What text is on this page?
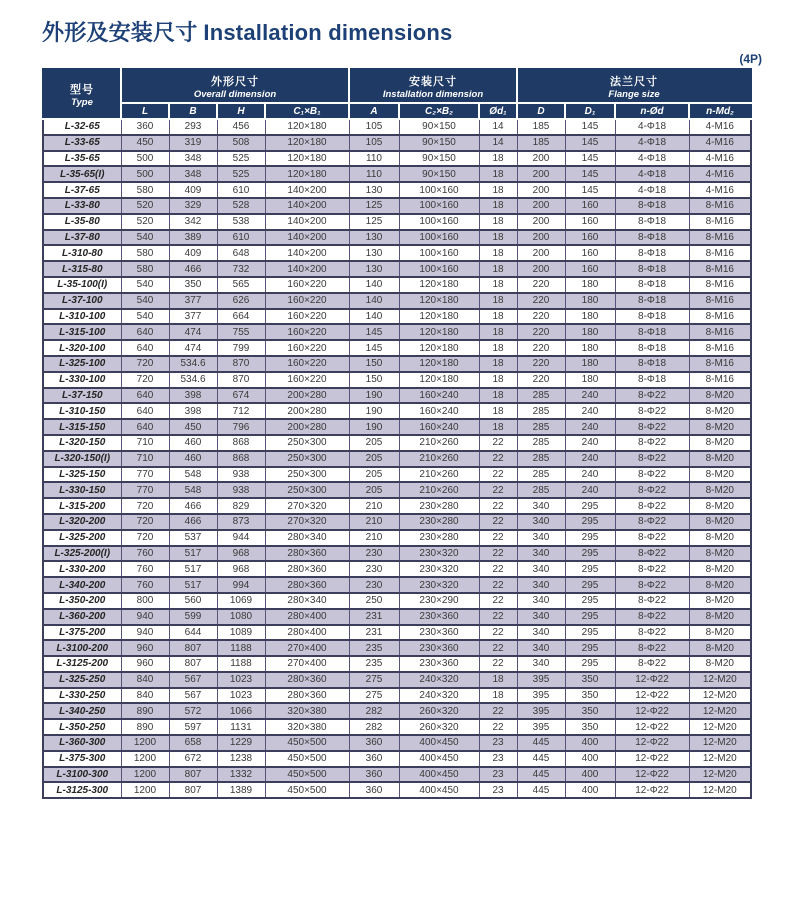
外形及安装尺寸 Installation dimensions
(4P)
型号
Type	外形尺寸
Overall dimension				安装尺寸
Installation dimension			法兰尺寸
Flange size			

	L	B	H	C₁×B₁	A	C₂×B₂	Ød₁	D	D₁	n-Ød	n-Md₂
L-32-65	360	293	456	120×180	105	90×150	14	185	145	4-Φ18	4-M16
L-33-65	450	319	508	120×180	105	90×150	14	185	145	4-Φ18	4-M16
L-35-65	500	348	525	120×180	110	90×150	18	200	145	4-Φ18	4-M16
L-35-65(I)	500	348	525	120×180	110	90×150	18	200	145	4-Φ18	4-M16
L-37-65	580	409	610	140×200	130	100×160	18	200	145	4-Φ18	4-M16
L-33-80	520	329	528	140×200	125	100×160	18	200	160	8-Φ18	8-M16
L-35-80	520	342	538	140×200	125	100×160	18	200	160	8-Φ18	8-M16
L-37-80	540	389	610	140×200	130	100×160	18	200	160	8-Φ18	8-M16
L-310-80	580	409	648	140×200	130	100×160	18	200	160	8-Φ18	8-M16
L-315-80	580	466	732	140×200	130	100×160	18	200	160	8-Φ18	8-M16
L-35-100(I)	540	350	565	160×220	140	120×180	18	220	180	8-Φ18	8-M16
L-37-100	540	377	626	160×220	140	120×180	18	220	180	8-Φ18	8-M16
L-310-100	540	377	664	160×220	140	120×180	18	220	180	8-Φ18	8-M16
L-315-100	640	474	755	160×220	145	120×180	18	220	180	8-Φ18	8-M16
L-320-100	640	474	799	160×220	145	120×180	18	220	180	8-Φ18	8-M16
L-325-100	720	534.6	870	160×220	150	120×180	18	220	180	8-Φ18	8-M16
L-330-100	720	534.6	870	160×220	150	120×180	18	220	180	8-Φ18	8-M16
L-37-150	640	398	674	200×280	190	160×240	18	285	240	8-Φ22	8-M20
L-310-150	640	398	712	200×280	190	160×240	18	285	240	8-Φ22	8-M20
L-315-150	640	450	796	200×280	190	160×240	18	285	240	8-Φ22	8-M20
L-320-150	710	460	868	250×300	205	210×260	22	285	240	8-Φ22	8-M20
L-320-150(I)	710	460	868	250×300	205	210×260	22	285	240	8-Φ22	8-M20
L-325-150	770	548	938	250×300	205	210×260	22	285	240	8-Φ22	8-M20
L-330-150	770	548	938	250×300	205	210×260	22	285	240	8-Φ22	8-M20
L-315-200	720	466	829	270×320	210	230×280	22	340	295	8-Φ22	8-M20
L-320-200	720	466	873	270×320	210	230×280	22	340	295	8-Φ22	8-M20
L-325-200	720	537	944	280×340	210	230×280	22	340	295	8-Φ22	8-M20
L-325-200(I)	760	517	968	280×360	230	230×320	22	340	295	8-Φ22	8-M20
L-330-200	760	517	968	280×360	230	230×320	22	340	295	8-Φ22	8-M20
L-340-200	760	517	994	280×360	230	230×320	22	340	295	8-Φ22	8-M20
L-350-200	800	560	1069	280×340	250	230×290	22	340	295	8-Φ22	8-M20
L-360-200	940	599	1080	280×400	231	230×360	22	340	295	8-Φ22	8-M20
L-375-200	940	644	1089	280×400	231	230×360	22	340	295	8-Φ22	8-M20
L-3100-200	960	807	1188	270×400	235	230×360	22	340	295	8-Φ22	8-M20
L-3125-200	960	807	1188	270×400	235	230×360	22	340	295	8-Φ22	8-M20
L-325-250	840	567	1023	280×360	275	240×320	18	395	350	12-Φ22	12-M20
L-330-250	840	567	1023	280×360	275	240×320	18	395	350	12-Φ22	12-M20
L-340-250	890	572	1066	320×380	282	260×320	22	395	350	12-Φ22	12-M20
L-350-250	890	597	1131	320×380	282	260×320	22	395	350	12-Φ22	12-M20
L-360-300	1200	658	1229	450×500	360	400×450	23	445	400	12-Φ22	12-M20
L-375-300	1200	672	1238	450×500	360	400×450	23	445	400	12-Φ22	12-M20
L-3100-300	1200	807	1332	450×500	360	400×450	23	445	400	12-Φ22	12-M20
L-3125-300	1200	807	1389	450×500	360	400×450	23	445	400	12-Φ22	12-M20
